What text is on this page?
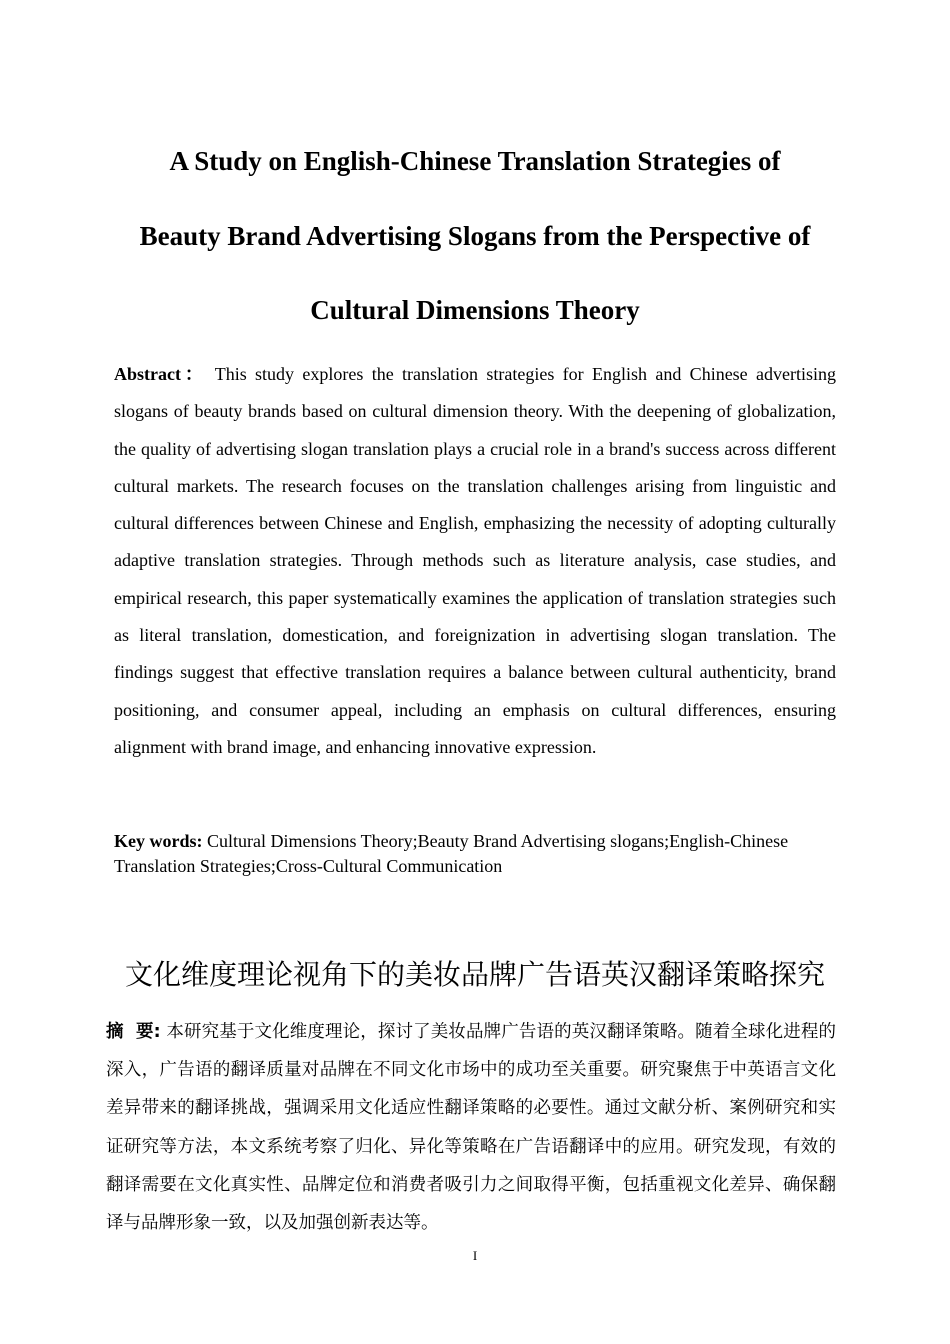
A Study on English-Chinese Translation Strategies of
Beauty Brand Advertising Slogans from the Perspective of
Cultural Dimensions Theory

Abstract： This study explores the translation strategies for English and Chinese advertising slogans of beauty brands based on cultural dimension theory. With the deepening of globalization, the quality of advertising slogan translation plays a crucial role in a brand's success across different cultural markets. The research focuses on the translation challenges arising from linguistic and cultural differences between Chinese and English, emphasizing the necessity of adopting culturally adaptive translation strategies. Through methods such as literature analysis, case studies, and empirical research, this paper systematically examines the application of translation strategies such as literal translation, domestication, and foreignization in advertising slogan translation. The findings suggest that effective translation requires a balance between cultural authenticity, brand positioning, and consumer appeal, including an emphasis on cultural differences, ensuring alignment with brand image, and enhancing innovative expression.

Key words: Cultural Dimensions Theory;Beauty Brand Advertising slogans;English-Chinese Translation Strategies;Cross-Cultural Communication

文化维度理论视角下的美妆品牌广告语英汉翻译策略探究

摘  要: 本研究基于文化维度理论，探讨了美妆品牌广告语的英汉翻译策略。随着全球化进程的深入，广告语的翻译质量对品牌在不同文化市场中的成功至关重要。研究聚焦于中英语言文化差异带来的翻译挑战，强调采用文化适应性翻译策略的必要性。通过文献分析、案例研究和实证研究等方法，本文系统考察了归化、异化等策略在广告语翻译中的应用。研究发现，有效的翻译需要在文化真实性、品牌定位和消费者吸引力之间取得平衡，包括重视文化差异、确保翻译与品牌形象一致，以及加强创新表达等。

I
